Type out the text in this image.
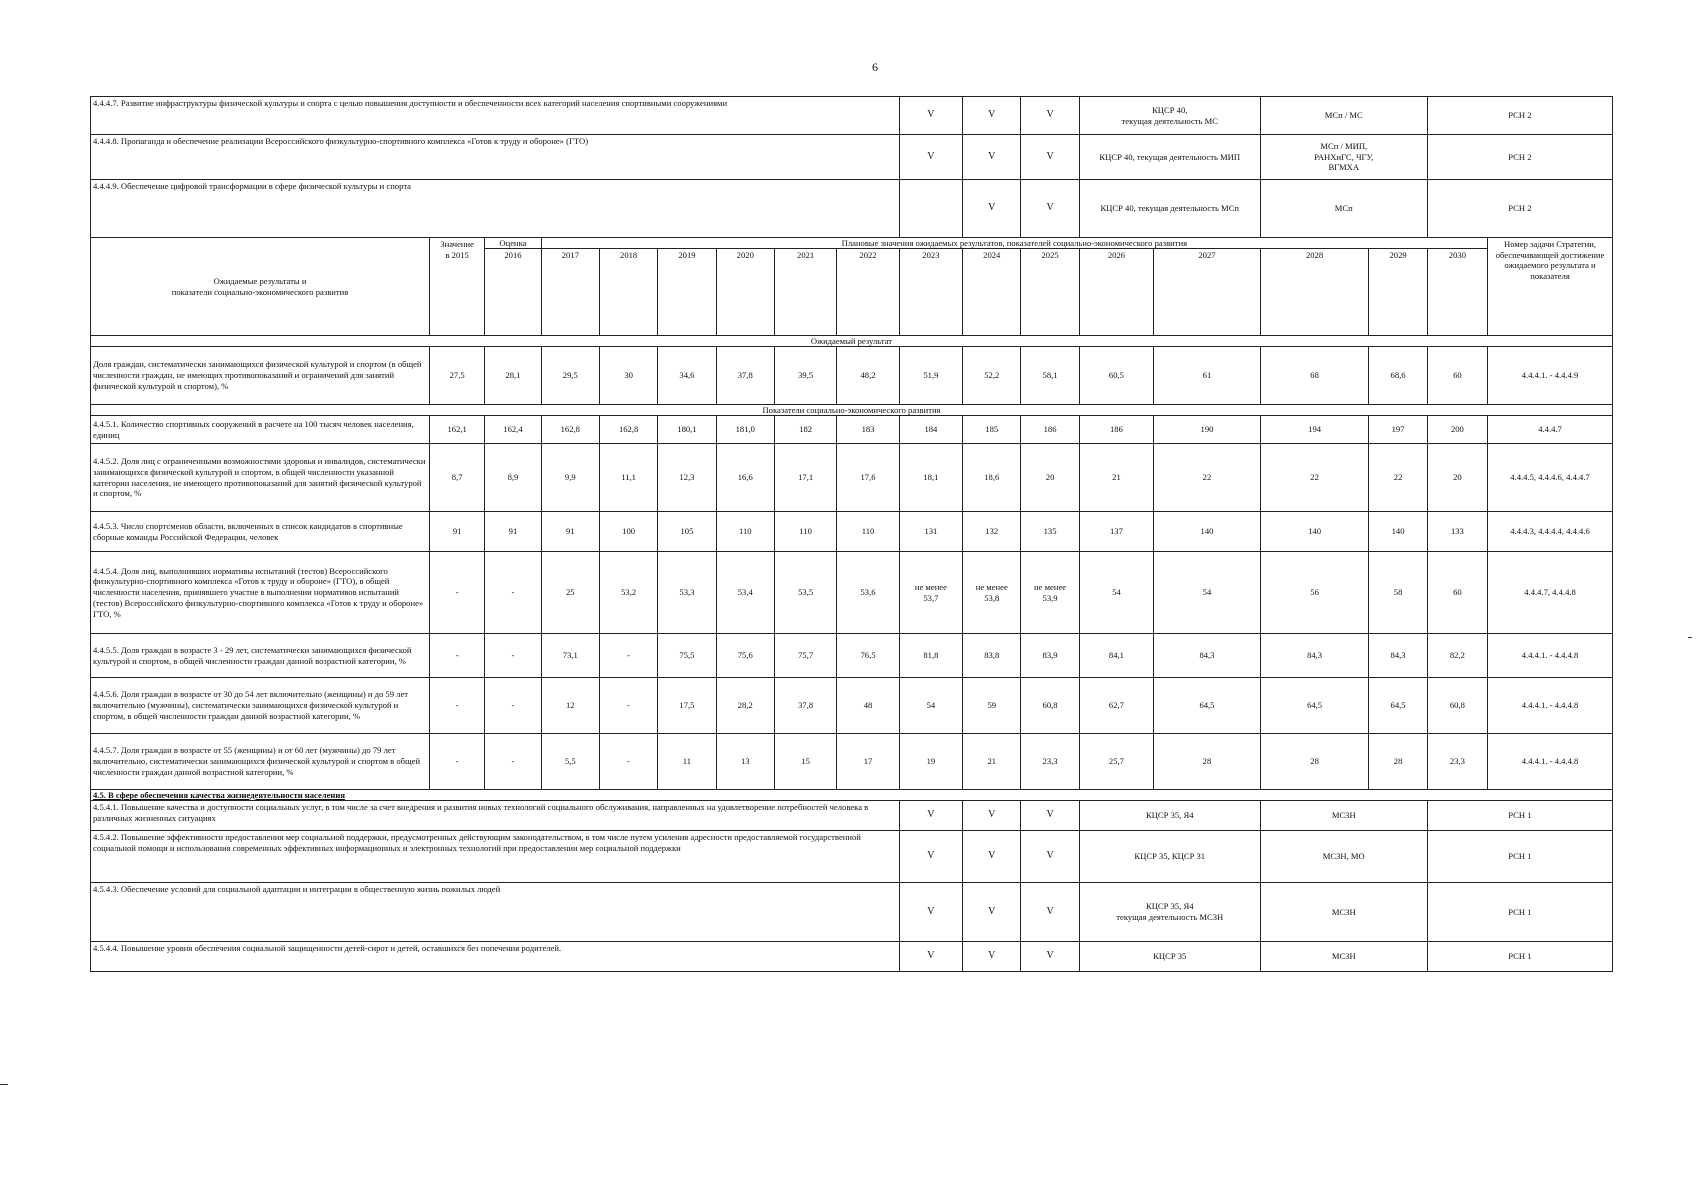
6
4.4.4.7. Развитие инфраструктуры физической культуры и спорта с целью повышения доступности и обеспеченности всех категорий населения спортивными сооружениями									V	V	V	КЦСР 40,
текущая деятельность МС		МСп / МС		РСН 2	
4.4.4.8. Пропаганда и обеспечение реализации Всероссийского физкультурно-спортивного комплекса «Готов к труду и обороне» (ГТО)									V	V	V	КЦСР 40, текущая деятельность МИП		МСп / МИП,
РАНХиГС, ЧГУ,
ВГМХА		РСН 2	
4.4.4.9. Обеспечение цифровой трансформации в сфере физической культуры и спорта										V	V	КЦСР 40, текущая деятельность МСп		МСп		РСН 2	
Ожидаемые результаты и
показатели социально-экономического развития	Значение
в 2015	Оценка	Плановые значения ожидаемых результатов, показателей социально-экономического развития														Номер задачи Стратегии, обеспечивающей достижение ожидаемого результата и показателя
		2016	2017	2018	2019	2020	2021	2022	2023	2024	2025	2026	2027	2028	2029	2030	
Ожидаемый результат																	
Доля граждан, систематически занимающихся физической культурой и спортом (в общей численности граждан, не имеющих противопоказаний и ограничений для занятий физической культурой и спортом), %	27,5	28,1	29,5	30	34,6	37,8	39,5	48,2	51,9	52,2	58,1	60,5	61	68	68,6	60	4.4.4.1. - 4.4.4.9
Показатели социально-экономического развития																	
4.4.5.1. Количество спортивных сооружений в расчете на 100 тысяч человек населения, единиц	162,1	162,4	162,8	162,8	180,1	181,0	182	183	184	185	186	186	190	194	197	200	4.4.4.7
4.4.5.2. Доля лиц с ограниченными возможностями здоровья и инвалидов, систематически занимающихся физической культурой и спортом, в общей численности указанной категории населения, не имеющего противопоказаний для занятий физической культурой и спортом, %	8,7	8,9	9,9	11,1	12,3	16,6	17,1	17,6	18,1	18,6	20	21	22	22	22	20	4.4.4.5, 4.4.4.6, 4.4.4.7
4.4.5.3. Число спортсменов области, включенных в список кандидатов в спортивные сборные команды Российской Федерации, человек	91	91	91	100	105	110	110	110	131	132	135	137	140	140	140	133	4.4.4.3, 4.4.4.4, 4.4.4.6
4.4.5.4. Доля лиц, выполнивших нормативы испытаний (тестов) Всероссийского физкультурно-спортивного комплекса «Готов к труду и обороне» (ГТО), в общей численности населения, принявшего участие в выполнении нормативов испытаний (тестов) Всероссийского физкультурно-спортивного комплекса «Готов к труду и обороне» ГТО, %	-	-	25	53,2	53,3	53,4	53,5	53,6	не менее
53,7	не менее
53,8	не менее
53,9	54	54	56	58	60	4.4.4.7, 4.4.4.8
4.4.5.5. Доля граждан в возрасте 3 - 29 лет, систематически занимающихся физической культурой и спортом, в общей численности граждан данной возрастной категории, %	-	-	73,1	-	75,5	75,6	75,7	76,5	81,8	83,8	83,9	84,1	84,3	84,3	84,3	82,2	4.4.4.1. - 4.4.4.8
4.4.5.6. Доля граждан в возрасте от 30 до 54 лет включительно (женщины) и до 59 лет включительно (мужчины), систематически занимающихся физической культурой и спортом, в общей численности граждан данной возрастной категории, %	-	-	12	-	17,5	28,2	37,8	48	54	59	60,8	62,7	64,5	64,5	64,5	60,8	4.4.4.1. - 4.4.4.8
4.4.5.7. Доля граждан в возрасте от 55 (женщины) и от 60 лет (мужчины) до 79 лет включительно, систематически занимающихся физической культурой и спортом в общей численности граждан данной возрастной категории, %	-	-	5,5	-	11	13	15	17	19	21	23,3	25,7	28	28	28	23,3	4.4.4.1. - 4.4.4.8
4.5. В сфере обеспечения качества жизнедеятельности населения																	
4.5.4.1. Повышение качества и доступности социальных услуг, в том числе за счет внедрения и развития новых технологий социального обслуживания, направленных на удовлетворение потребностей человека в различных жизненных ситуациях									V	V	V	КЦСР 35, Я4		МСЗН		РСН 1	
4.5.4.2. Повышение эффективности предоставления мер социальной поддержки, предусмотренных действующим законодательством, в том числе путем усиления адресности предоставляемой государственной социальной помощи и использования современных эффективных информационных и электронных технологий при предоставлении мер социальной поддержки									V	V	V	КЦСР 35, КЦСР 31		МСЗН, МО		РСН 1	
4.5.4.3. Обеспечение условий для социальной адаптации и интеграции в общественную жизнь пожилых людей									V	V	V	КЦСР 35, Я4
текущая деятельность МСЗН		МСЗН		РСН 1	
4.5.4.4. Повышение уровня обеспечения социальной защищенности детей-сирот и детей, оставшихся без попечения родителей.									V	V	V	КЦСР 35		МСЗН		РСН 1	
